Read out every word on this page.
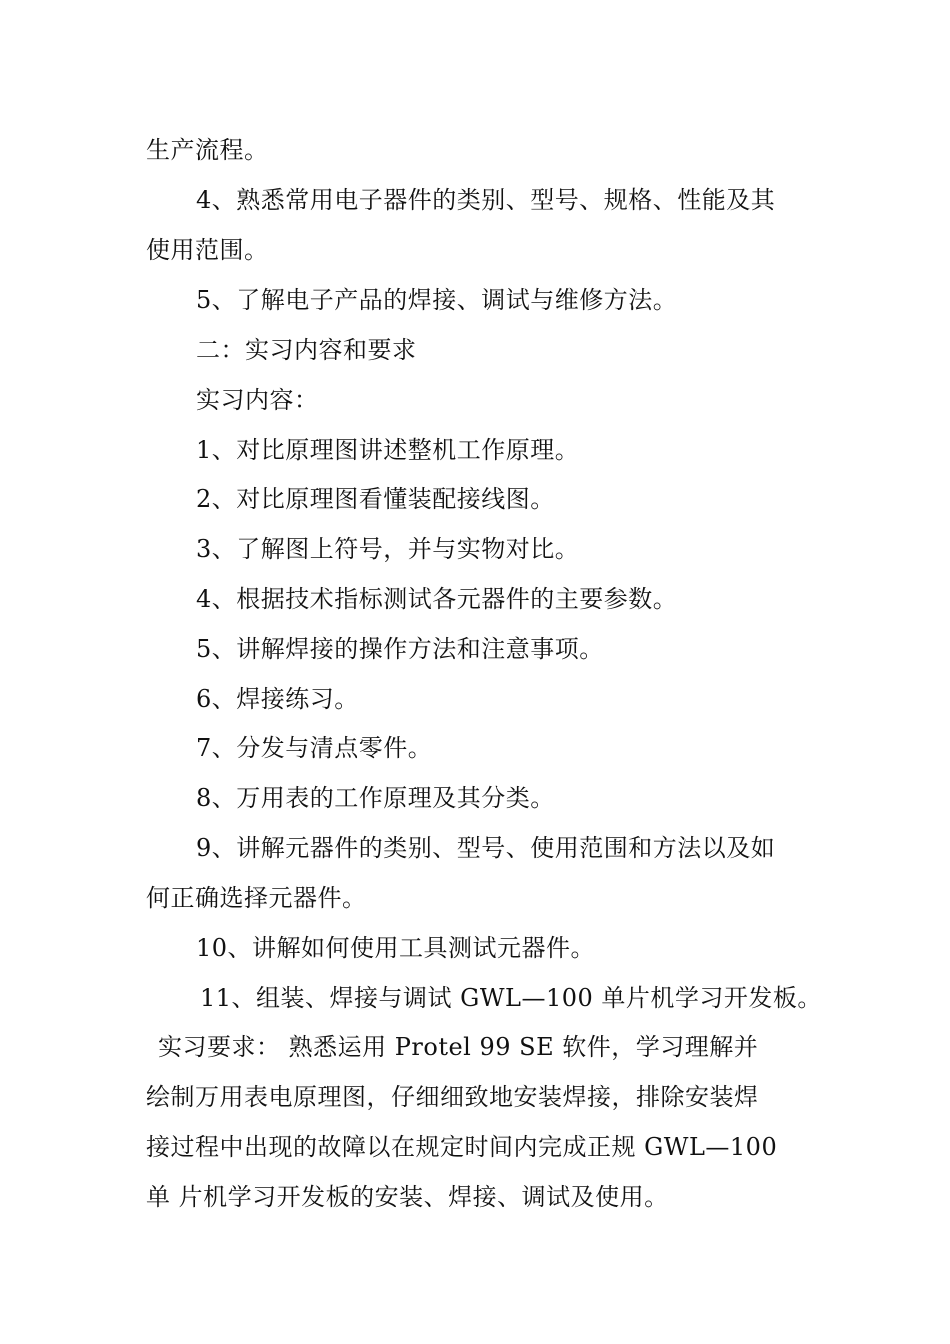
生产流程。
4、熟悉常用电子器件的类别、型号、规格、性能及其
使用范围。
5、了解电子产品的焊接、调试与维修方法。
二：实习内容和要求
实习内容：
1、对比原理图讲述整机工作原理。
2、对比原理图看懂装配接线图。
3、了解图上符号，并与实物对比。
4、根据技术指标测试各元器件的主要参数。
5、讲解焊接的操作方法和注意事项。
6、焊接练习。
7、分发与清点零件。
8、万用表的工作原理及其分类。
9、讲解元器件的类别、型号、使用范围和方法以及如
何正确选择元器件。
10、讲解如何使用工具测试元器件。
11、组装、焊接与调试 GWL—100 单片机学习开发板。
实习要求： 熟悉运用 Protel 99 SE 软件，学习理解并
绘制万用表电原理图，仔细细致地安装焊接，排除安装焊
接过程中出现的故障以在规定时间内完成正规 GWL—100
单 片机学习开发板的安装、焊接、调试及使用。
